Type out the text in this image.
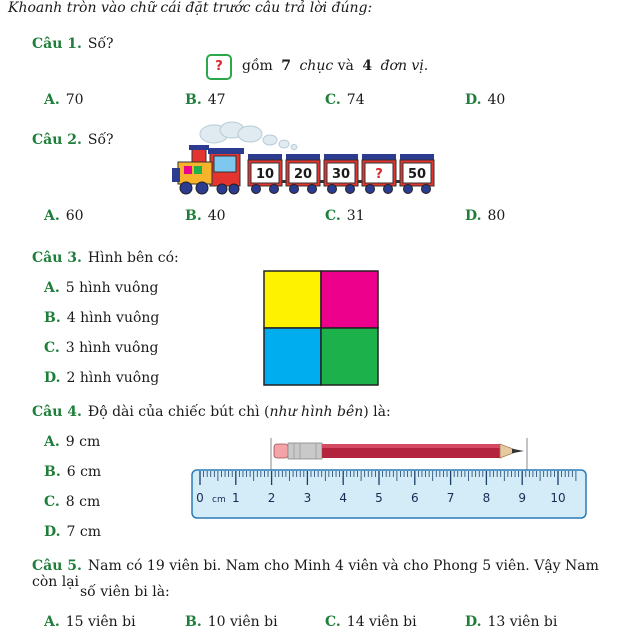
Khoanh tròn vào chữ cái đặt trước câu trả lời đúng:
Câu 1. Số?
?	gồm 7 chục và 4 đơn vị.
A. 70	B. 47	C. 74	D. 40
Câu 2. Số?
10 20 30 ? 50
A. 60	B. 40	C. 31	D. 80
Câu 3. Hình bên có:
A. 5 hình vuông
B. 4 hình vuông
C. 3 hình vuông
D. 2 hình vuông
Câu 4. Độ dài của chiếc bút chì (như hình bên) là:
A. 9 cm
B. 6 cm
C. 8 cm
D. 7 cm
0 1 2 3 4 5 6 7 8 9 10
cm
Câu 5. Nam có 19 viên bi. Nam cho Minh 4 viên và cho Phong 5 viên. Vậy Nam còn lại
số viên bi là:
A. 15 viên bi	B. 10 viên bi	C. 14 viên bi	D. 13 viên bi
